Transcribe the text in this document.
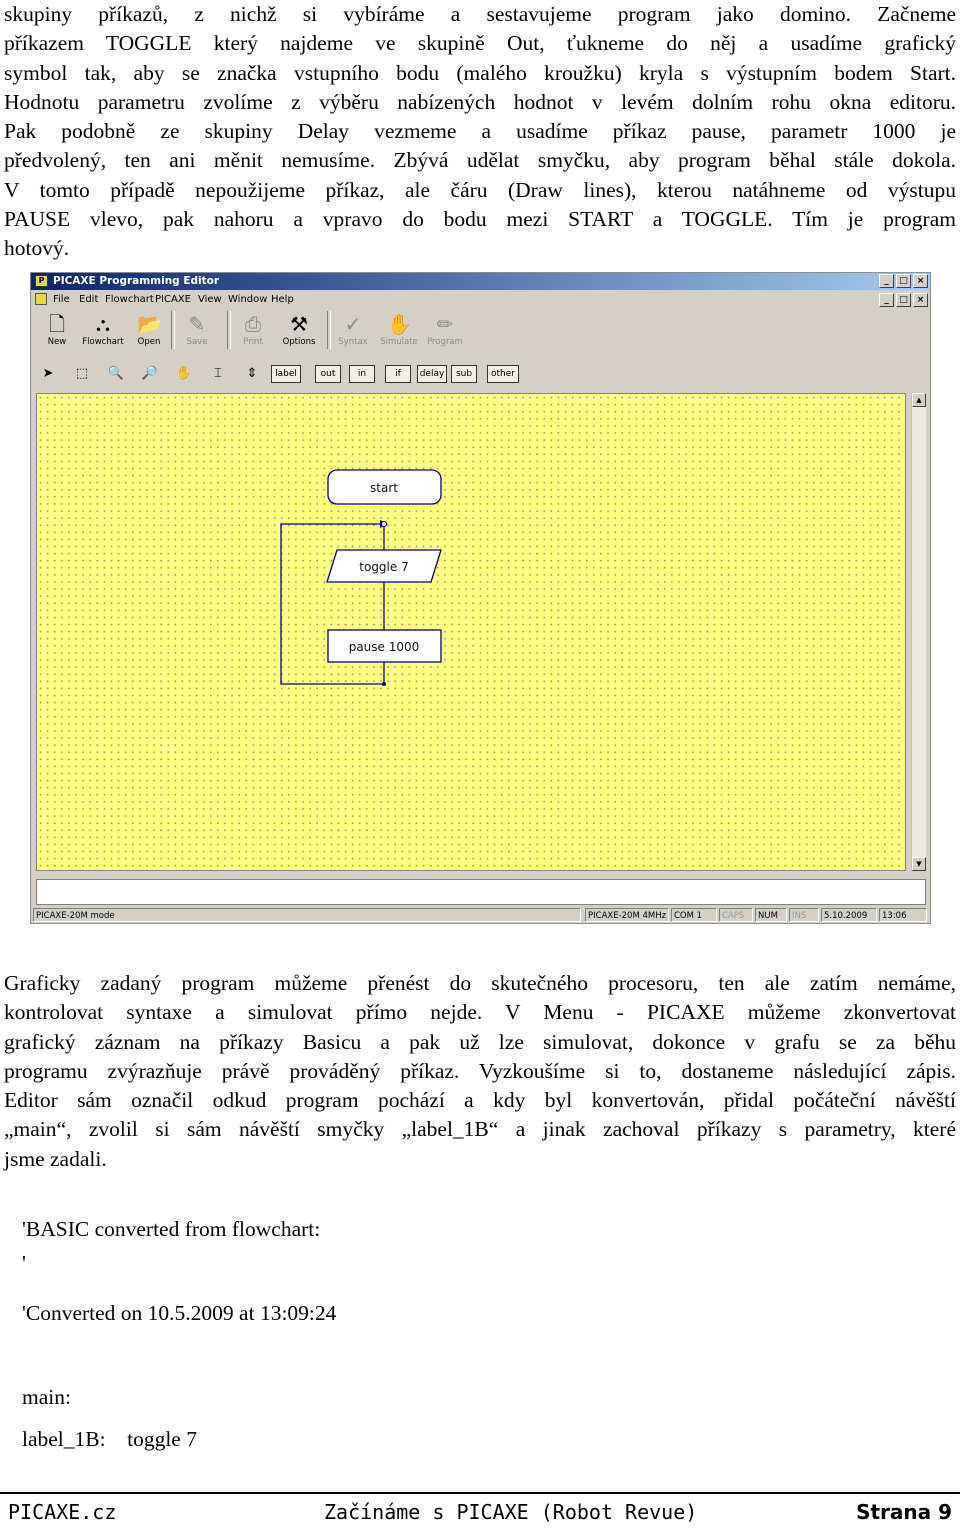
skupiny příkazů, z nichž si vybíráme a sestavujeme program jako domino. Začneme
příkazem TOGGLE který najdeme ve skupině Out, ťukneme do něj a usadíme grafický
symbol tak, aby se značka vstupního bodu (malého kroužku) kryla s výstupním bodem Start.
Hodnotu parametru zvolíme z výběru nabízených hodnot v levém dolním rohu okna editoru.
Pak podobně ze skupiny Delay vezmeme a usadíme příkaz pause, parametr 1000 je
předvolený, ten ani měnit nemusíme. Zbývá udělat smyčku, aby program běhal stále dokola.
V tomto případě nepoužijeme příkaz, ale čáru (Draw lines), kterou natáhneme od výstupu
PAUSE vlevo, pak nahoru a vpravo do bodu mezi START a TOGGLE. Tím je program
hotový.
P PICAXE Programming Editor	_	□ ×
File Edit Flowchart PICAXE View Window Help	_	□ ×
🗋
New
⛬
Flowchart
📂
Open
✎
Save
⎙
Print
⚒
Options
✓
Syntax
✋
Simulate
✏
Program
➤	⬚	🔍 🔎 ✋	⌶	⇕	label	out	in	if	delay	sub	other
start
toggle 7
pause 1000
▲
▼
PICAXE-20M mode	PICAXE-20M 4MHz COM 1	CAPS	NUM	INS	5.10.2009	13:06
Graficky zadaný program můžeme přenést do skutečného procesoru, ten ale zatím nemáme,
kontrolovat syntaxe a simulovat přímo nejde. V Menu - PICAXE můžeme zkonvertovat
grafický záznam na příkazy Basicu a pak už lze simulovat, dokonce v grafu se za běhu
programu zvýrazňuje právě prováděný příkaz. Vyzkoušíme si to, dostaneme následující zápis.
Editor sám označil odkud program pochází a kdy byl konvertován, přidal počáteční návěští
„main“, zvolil si sám návěští smyčky „label_1B“ a jinak zachoval příkazy s parametry, které
jsme zadali.
'BASIC converted from flowchart:
'
'Converted on 10.5.2009 at 13:09:24
main:
label_1B:    toggle 7
PICAXE.cz	Začínáme s PICAXE (Robot Revue)	Strana 9
